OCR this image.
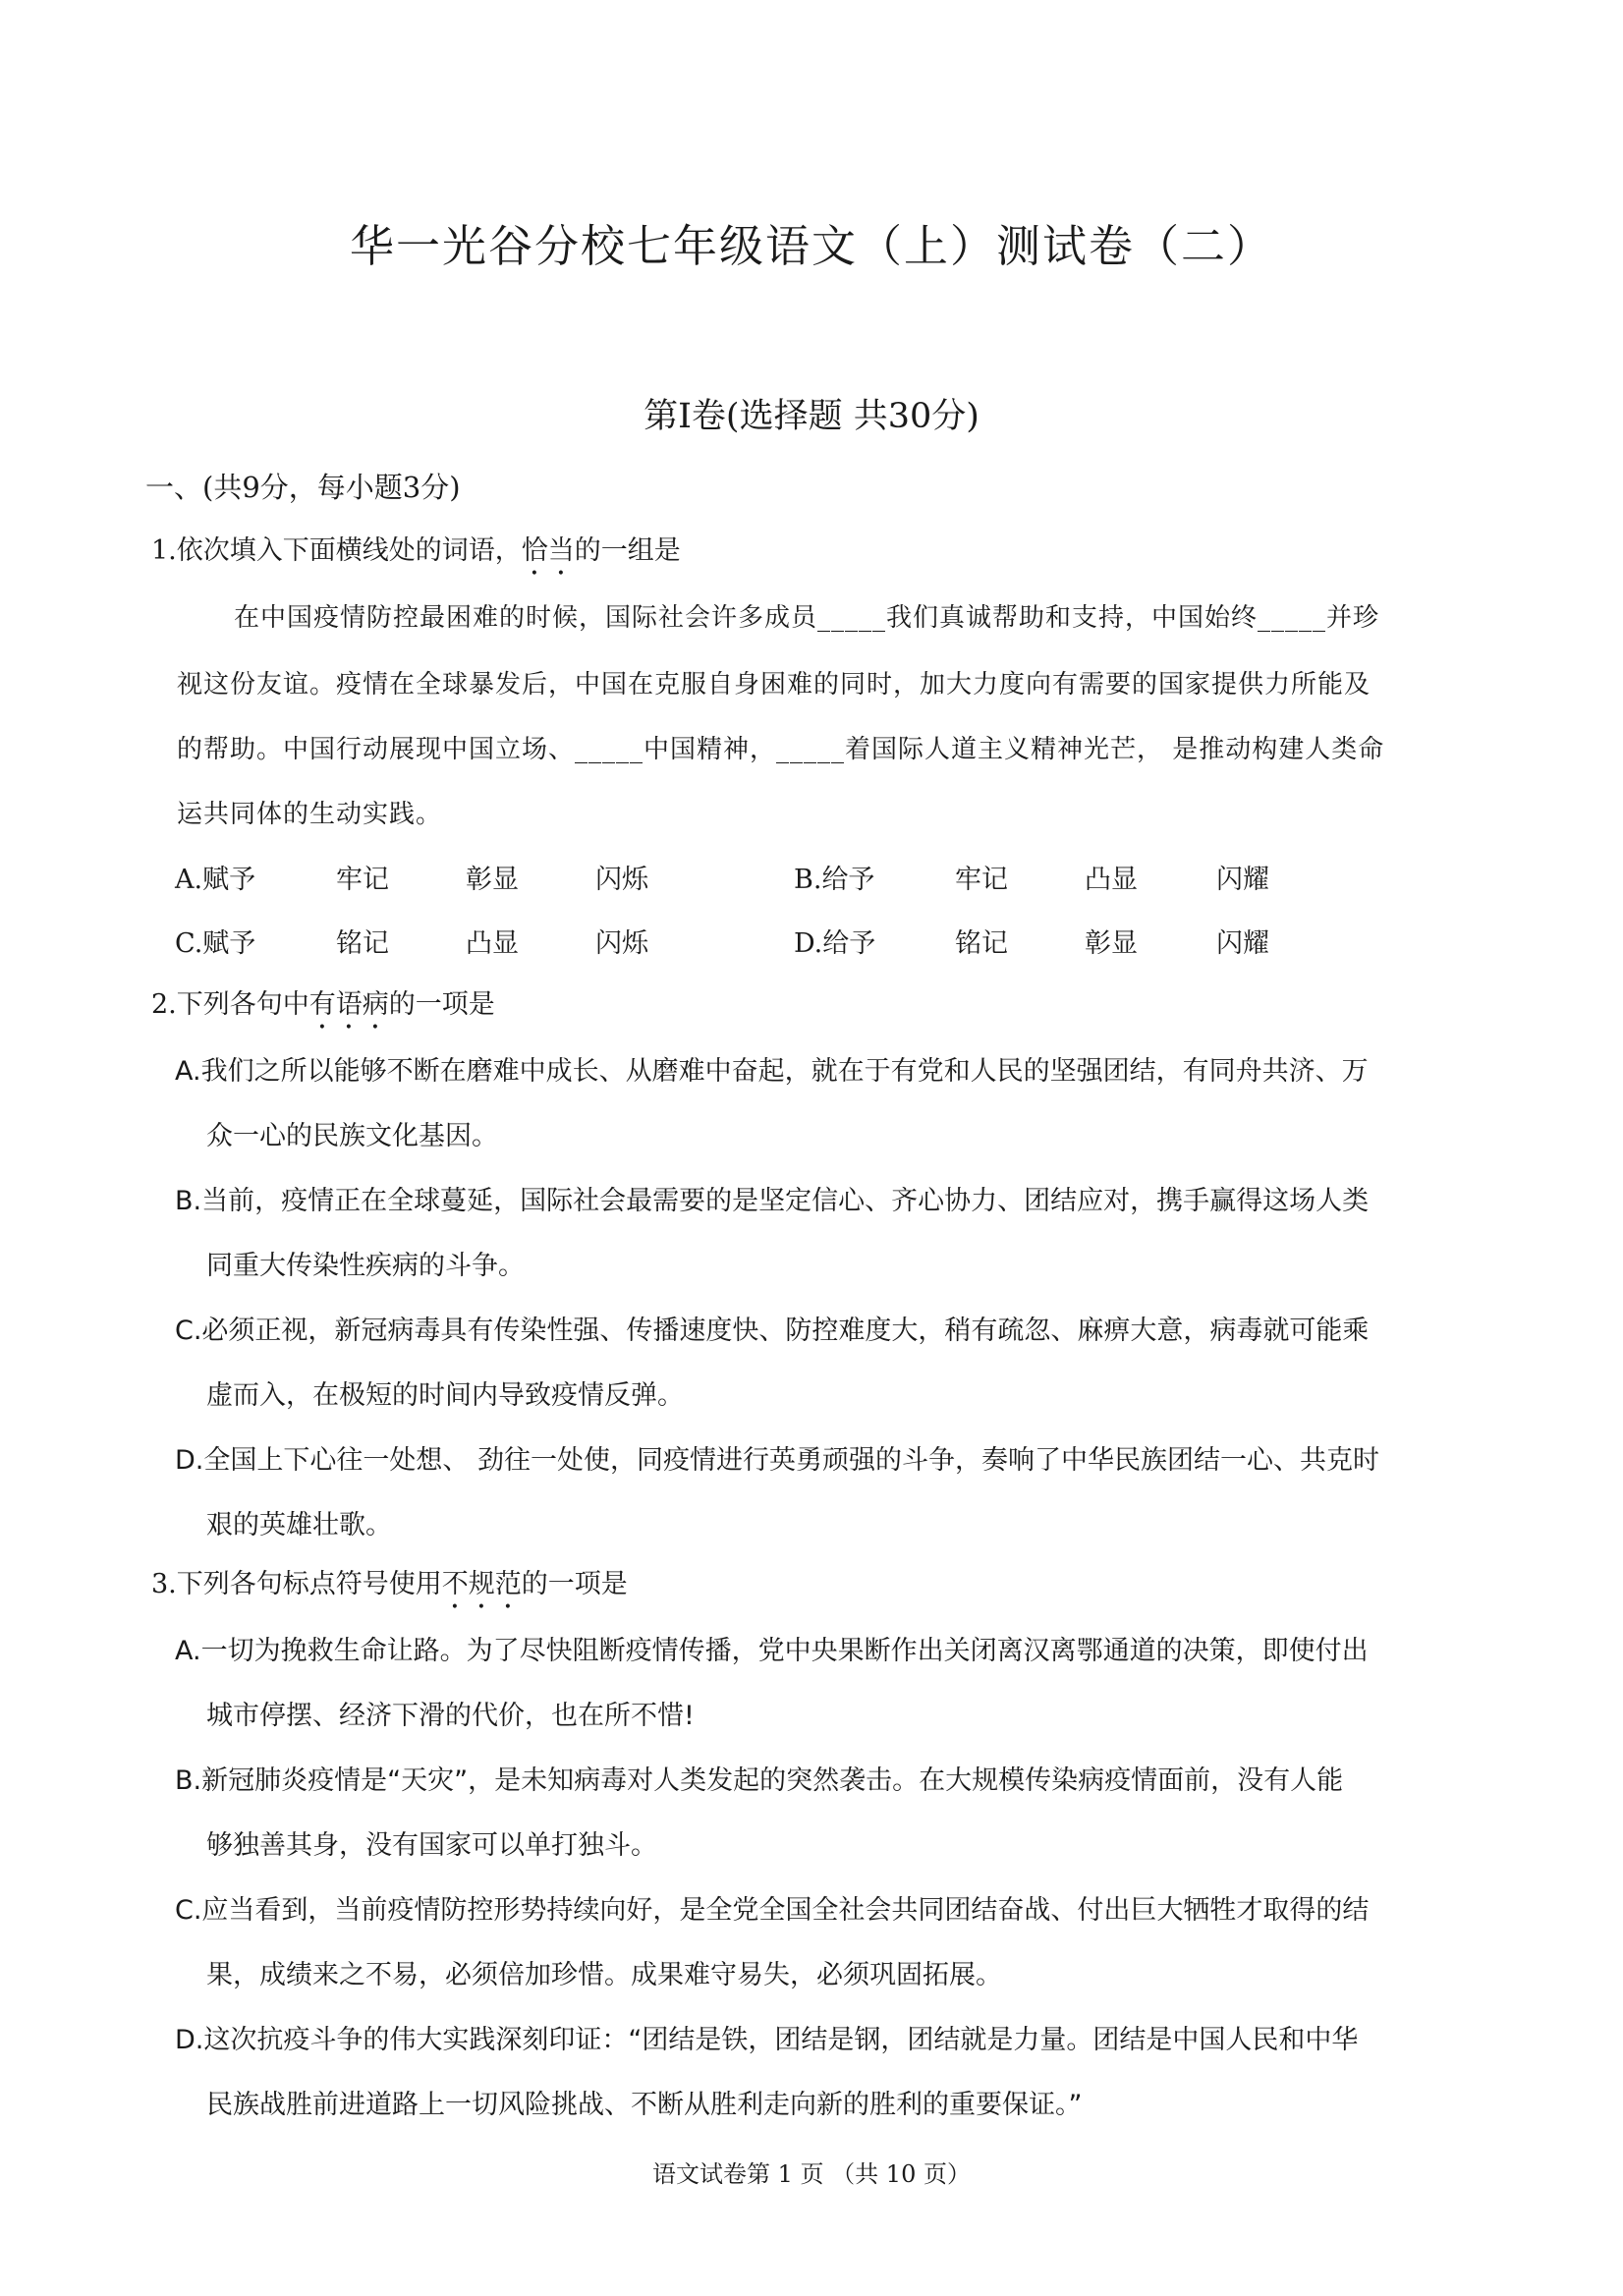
华一光谷分校七年级语文（上）测试卷（二）
第Ⅰ卷(选择题 共30分)
一、(共9分，每小题3分)
1.依次填入下面横线处的词语，恰当的一组是
在中国疫情防控最困难的时候，国际社会许多成员_____我们真诚帮助和支持，中国始终_____并珍
视这份友谊。疫情在全球暴发后，中国在克服自身困难的同时，加大力度向有需要的国家提供力所能及
的帮助。中国行动展现中国立场、_____中国精神，_____着国际人道主义精神光芒， 是推动构建人类命
运共同体的生动实践。
A.赋予	牢记	彰显	闪烁	B.给予	牢记	凸显	闪耀
C.赋予	铭记	凸显	闪烁	D.给予	铭记	彰显	闪耀
2.下列各句中有语病的一项是
A.我们之所以能够不断在磨难中成长、从磨难中奋起，就在于有党和人民的坚强团结，有同舟共济、万
众一心的民族文化基因。
B.当前，疫情正在全球蔓延，国际社会最需要的是坚定信心、齐心协力、团结应对，携手赢得这场人类
同重大传染性疾病的斗争。
C.必须正视，新冠病毒具有传染性强、传播速度快、防控难度大，稍有疏忽、麻痹大意，病毒就可能乘
虚而入，在极短的时间内导致疫情反弹。
D.全国上下心往一处想、 劲往一处使，同疫情进行英勇顽强的斗争，奏响了中华民族团结一心、共克时
艰的英雄壮歌。
3.下列各句标点符号使用不规范的一项是
A.一切为挽救生命让路。为了尽快阻断疫情传播，党中央果断作出关闭离汉离鄂通道的决策，即使付出
城市停摆、经济下滑的代价，也在所不惜!
B.新冠肺炎疫情是“天灾”，是未知病毒对人类发起的突然袭击。在大规模传染病疫情面前，没有人能
够独善其身，没有国家可以单打独斗。
C.应当看到，当前疫情防控形势持续向好，是全党全国全社会共同团结奋战、付出巨大牺牲才取得的结
果，成绩来之不易，必须倍加珍惜。成果难守易失，必须巩固拓展。
D.这次抗疫斗争的伟大实践深刻印证：“团结是铁，团结是钢，团结就是力量。团结是中国人民和中华
民族战胜前进道路上一切风险挑战、不断从胜利走向新的胜利的重要保证。”
语文试卷第 1 页 （共 10 页）
